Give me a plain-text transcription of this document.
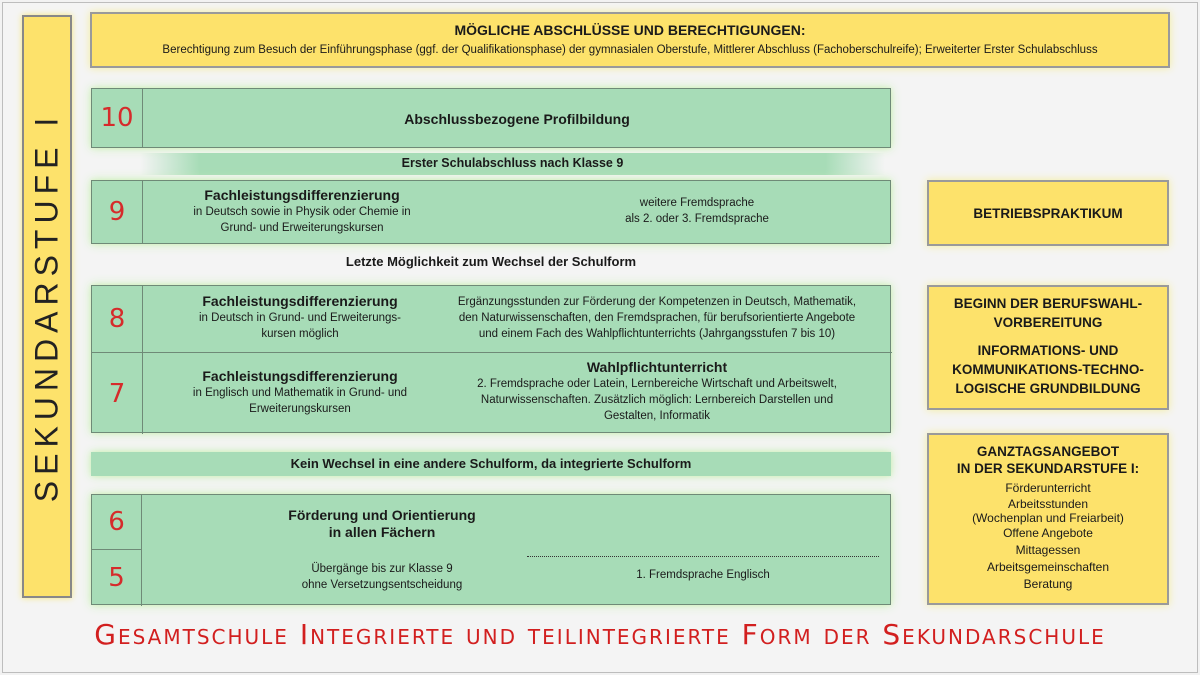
SEKUNDARSTUFE I
MÖGLICHE ABSCHLÜSSE UND BERECHTIGUNGEN:
Berechtigung zum Besuch der Einführungsphase (ggf. der Qualifikationsphase) der gymnasialen Oberstufe, Mittlerer Abschluss (Fachoberschulreife); Erweiterter Erster Schulabschluss
10	Abschlussbezogene Profilbildung
Erster Schulabschluss nach Klasse 9
9
Fachleistungsdifferenzierung
in Deutsch sowie in Physik oder Chemie in
Grund- und Erweiterungskursen
weitere Fremdsprache
als 2. oder 3. Fremdsprache
Letzte Möglichkeit zum Wechsel der Schulform
8
Fachleistungsdifferenzierung
in Deutsch in Grund- und Erweiterungs-
kursen möglich
Ergänzungsstunden zur Förderung der Kompetenzen in Deutsch, Mathematik,
den Naturwissenschaften, den Fremdsprachen, für berufsorientierte Angebote
und einem Fach des Wahlpflichtunterrichts (Jahrgangsstufen 7 bis 10)
7
Fachleistungsdifferenzierung
in Englisch und Mathematik in Grund- und
Erweiterungskursen
Wahlpflichtunterricht
2. Fremdsprache oder Latein, Lernbereiche Wirtschaft und Arbeitswelt,
Naturwissenschaften. Zusätzlich möglich: Lernbereich Darstellen und
Gestalten, Informatik
Kein Wechsel in eine andere Schulform, da integrierte Schulform
6
5
Förderung und Orientierung
in allen Fächern
Übergänge bis zur Klasse 9
ohne Versetzungsentscheidung
1. Fremdsprache Englisch
BETRIEBSPRAKTIKUM
BEGINN DER BERUFSWAHL-
VORBEREITUNG
INFORMATIONS- UND
KOMMUNIKATIONS-TECHNO-
LOGISCHE GRUNDBILDUNG
GANZTAGSANGEBOT
IN DER SEKUNDARSTUFE I:
Förderunterricht
Arbeitsstunden
(Wochenplan und Freiarbeit)
Offene Angebote
Mittagessen
Arbeitsgemeinschaften
Beratung
Gesamtschule Integrierte und teilintegrierte Form der Sekundarschule
